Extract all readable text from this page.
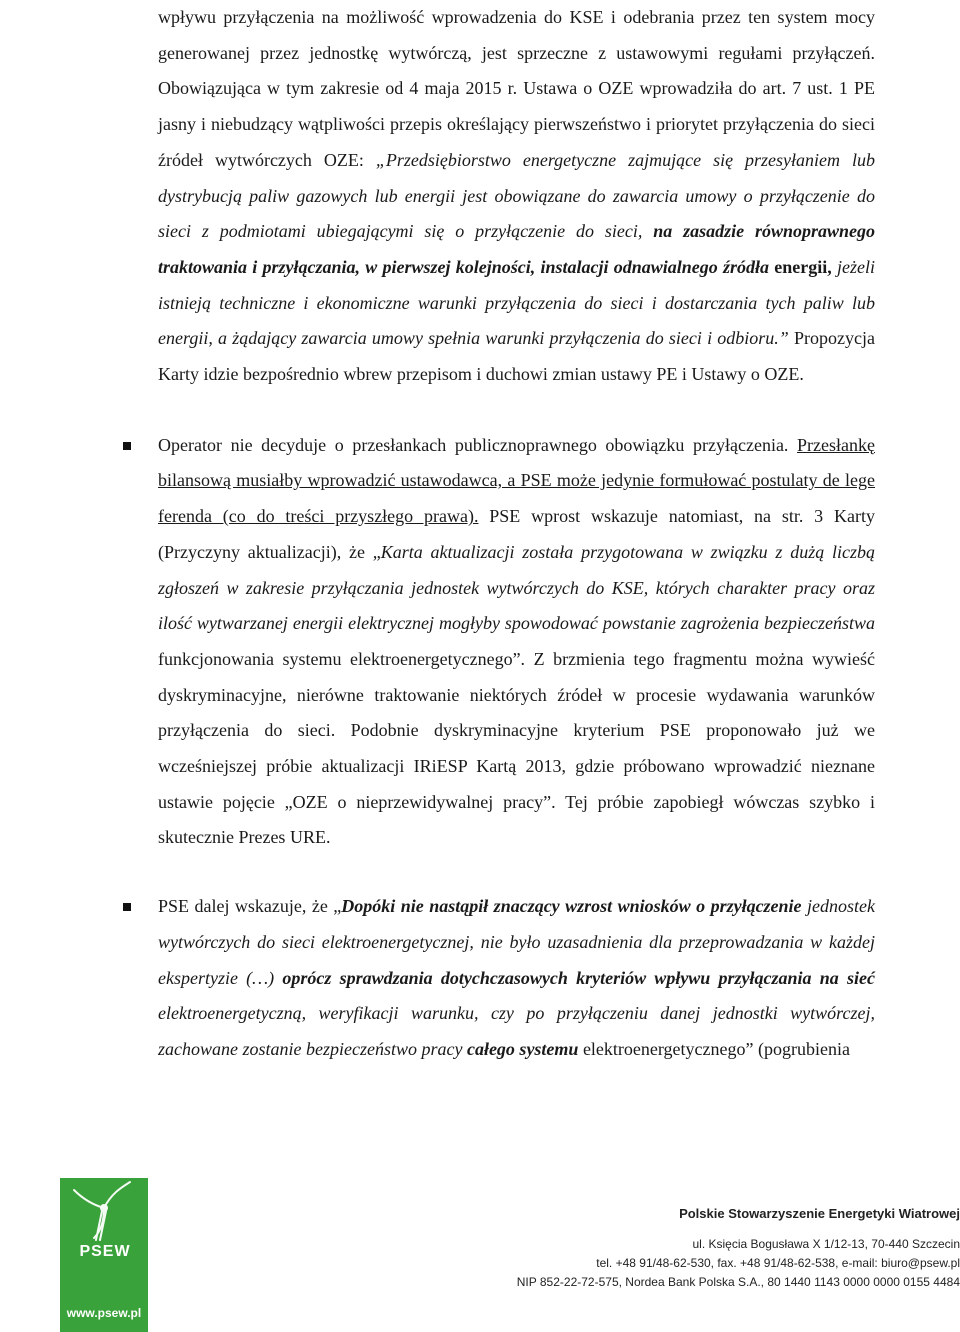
wpływu przyłączenia na możliwość wprowadzenia do KSE i odebrania przez ten system mocy generowanej przez jednostkę wytwórczą, jest sprzeczne z ustawowymi regułami przyłączeń. Obowiązująca w tym zakresie od 4 maja 2015 r. Ustawa o OZE wprowadziła do art. 7 ust. 1 PE jasny i niebudzący wątpliwości przepis określający pierwszeństwo i priorytet przyłączenia do sieci źródeł wytwórczych OZE: „Przedsiębiorstwo energetyczne zajmujące się przesyłaniem lub dystrybucją paliw gazowych lub energii jest obowiązane do zawarcia umowy o przyłączenie do sieci z podmiotami ubiegającymi się o przyłączenie do sieci, na zasadzie równoprawnego traktowania i przyłączania, w pierwszej kolejności, instalacji odnawialnego źródła energii, jeżeli istnieją techniczne i ekonomiczne warunki przyłączenia do sieci i dostarczania tych paliw lub energii, a żądający zawarcia umowy spełnia warunki przyłączenia do sieci i odbioru.” Propozycja Karty idzie bezpośrednio wbrew przepisom i duchowi zmian ustawy PE i Ustawy o OZE.

Operator nie decyduje o przesłankach publicznoprawnego obowiązku przyłączenia. Przesłankę bilansową musiałby wprowadzić ustawodawca, a PSE może jedynie formułować postulaty de lege ferenda (co do treści przyszłego prawa). PSE wprost wskazuje natomiast, na str. 3 Karty (Przyczyny aktualizacji), że „Karta aktualizacji została przygotowana w związku z dużą liczbą zgłoszeń w zakresie przyłączania jednostek wytwórczych do KSE, których charakter pracy oraz ilość wytwarzanej energii elektrycznej mogłyby spowodować powstanie zagrożenia bezpieczeństwa funkcjonowania systemu elektroenergetycznego”. Z brzmienia tego fragmentu można wywieść dyskryminacyjne, nierówne traktowanie niektórych źródeł w procesie wydawania warunków przyłączenia do sieci. Podobnie dyskryminacyjne kryterium PSE proponowało już we wcześniejszej próbie aktualizacji IRiESP Kartą 2013, gdzie próbowano wprowadzić nieznane ustawie pojęcie „OZE o nieprzewidywalnej pracy”. Tej próbie zapobiegł wówczas szybko i skutecznie Prezes URE.

PSE dalej wskazuje, że „Dopóki nie nastąpił znaczący wzrost wniosków o przyłączenie jednostek wytwórczych do sieci elektroenergetycznej, nie było uzasadnienia dla przeprowadzania w każdej ekspertyzie (…) oprócz sprawdzania dotychczasowych kryteriów wpływu przyłączania na sieć elektroenergetyczną, weryfikacji warunku, czy po przyłączeniu danej jednostki wytwórczej, zachowane zostanie bezpieczeństwo pracy całego systemu elektroenergetycznego” (pogrubienia

PSEW
www.psew.pl
Polskie Stowarzyszenie Energetyki Wiatrowej
ul. Księcia Bogusława X 1/12-13, 70-440 Szczecin
tel. +48 91/48-62-530, fax. +48 91/48-62-538, e-mail: biuro@psew.pl
NIP 852-22-72-575, Nordea Bank Polska S.A., 80 1440 1143 0000 0000 0155 4484
